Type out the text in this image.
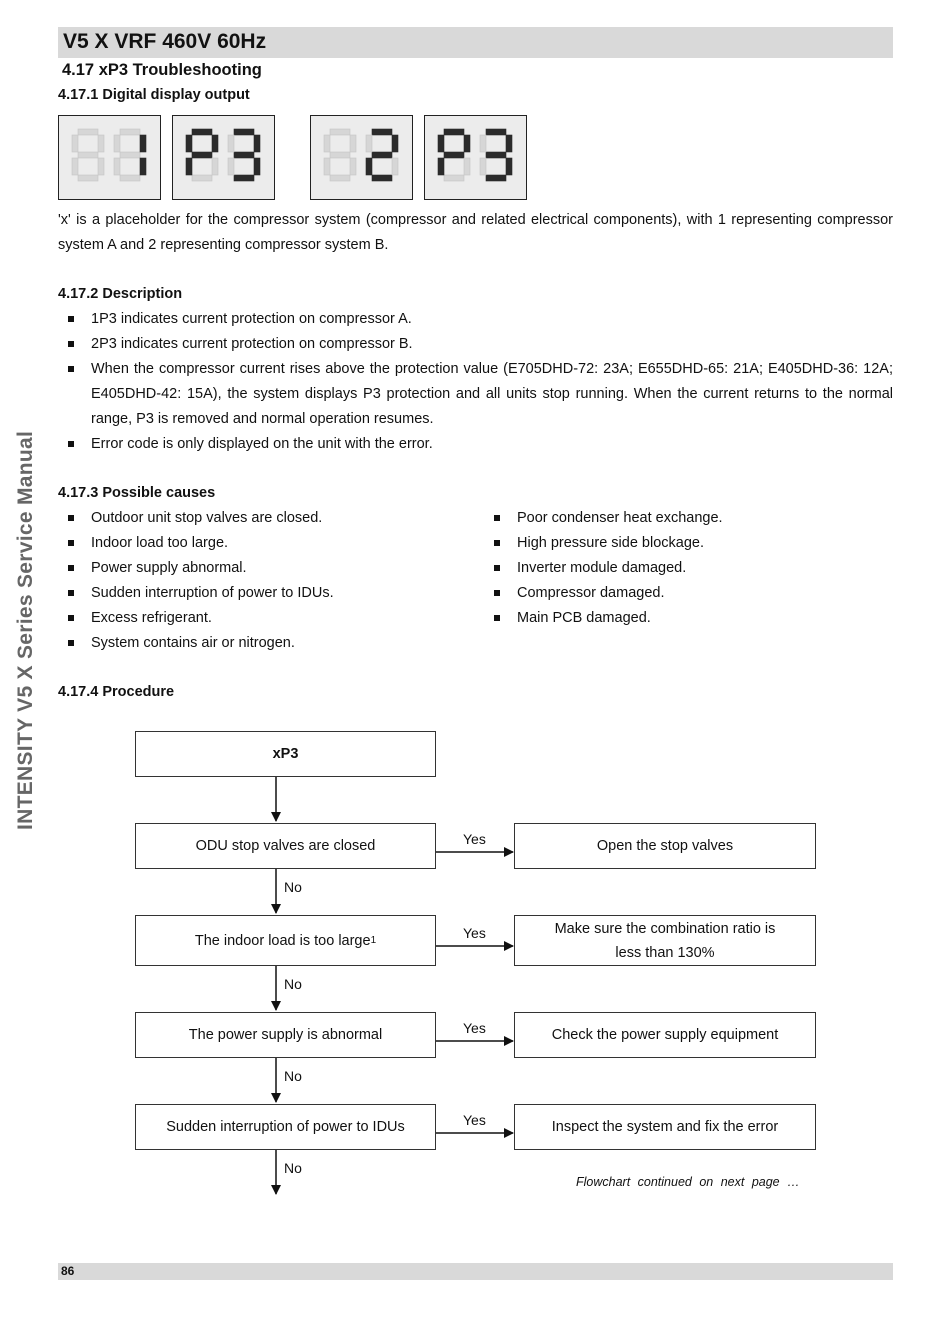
V5 X VRF 460V 60Hz
4.17 xP3 Troubleshooting
4.17.1 Digital display output
'x' is a placeholder for the compressor system (compressor and related electrical components), with 1 representing compressor system A and 2 representing compressor system B.
4.17.2 Description
1P3 indicates current protection on compressor A.
2P3 indicates current protection on compressor B.
When the compressor current rises above the protection value (E705DHD-72: 23A; E655DHD-65: 21A; E405DHD-36: 12A; E405DHD-42: 15A), the system displays P3 protection and all units stop running. When the current returns to the normal range, P3 is removed and normal operation resumes.
Error code is only displayed on the unit with the error.
4.17.3 Possible causes
Outdoor unit stop valves are closed.
Indoor load too large.
Power supply abnormal.
Sudden interruption of power to IDUs.
Excess refrigerant.
System contains air or nitrogen.
Poor condenser heat exchange.
High pressure side blockage.
Inverter module damaged.
Compressor damaged.
Main PCB damaged.
4.17.4 Procedure
xP3
ODU stop valves are closed
The indoor load is too large 1
The power supply is abnormal
Sudden interruption of power to IDUs
Open the stop valves
Make sure the combination ratio is less than 130%
Check the power supply equipment
Inspect the system and fix the error
Yes
Yes
Yes
Yes
No
No
No
No
Flowchart continued on next page …
INTENSITY V5 X Series Service Manual
86
